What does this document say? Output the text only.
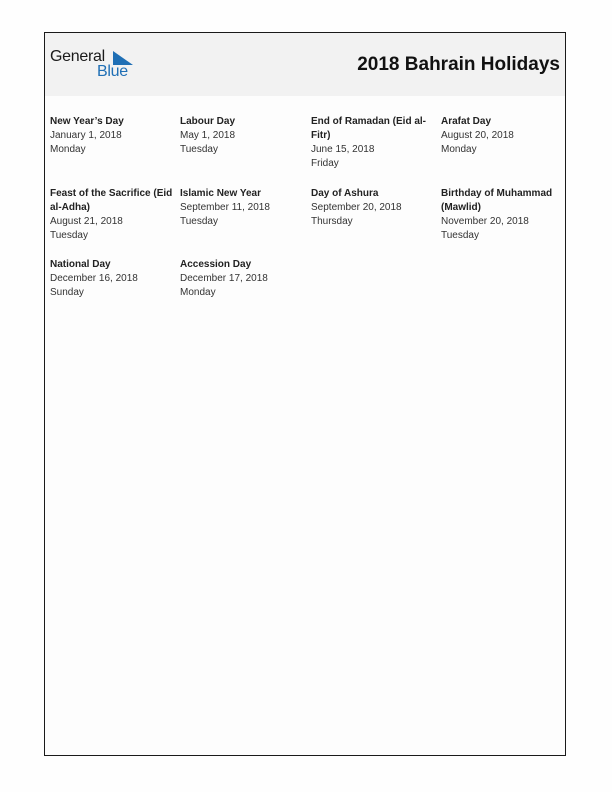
General
Blue	2018 Bahrain Holidays
New Year’s Day
January 1, 2018
Monday
Labour Day
May 1, 2018
Tuesday
End of Ramadan (Eid al-Fitr)
June 15, 2018
Friday
Arafat Day
August 20, 2018
Monday
Feast of the Sacrifice (Eid al-Adha)
August 21, 2018
Tuesday
Islamic New Year
September 11, 2018
Tuesday
Day of Ashura
September 20, 2018
Thursday
Birthday of Muhammad (Mawlid)
November 20, 2018
Tuesday
National Day
December 16, 2018
Sunday
Accession Day
December 17, 2018
Monday
